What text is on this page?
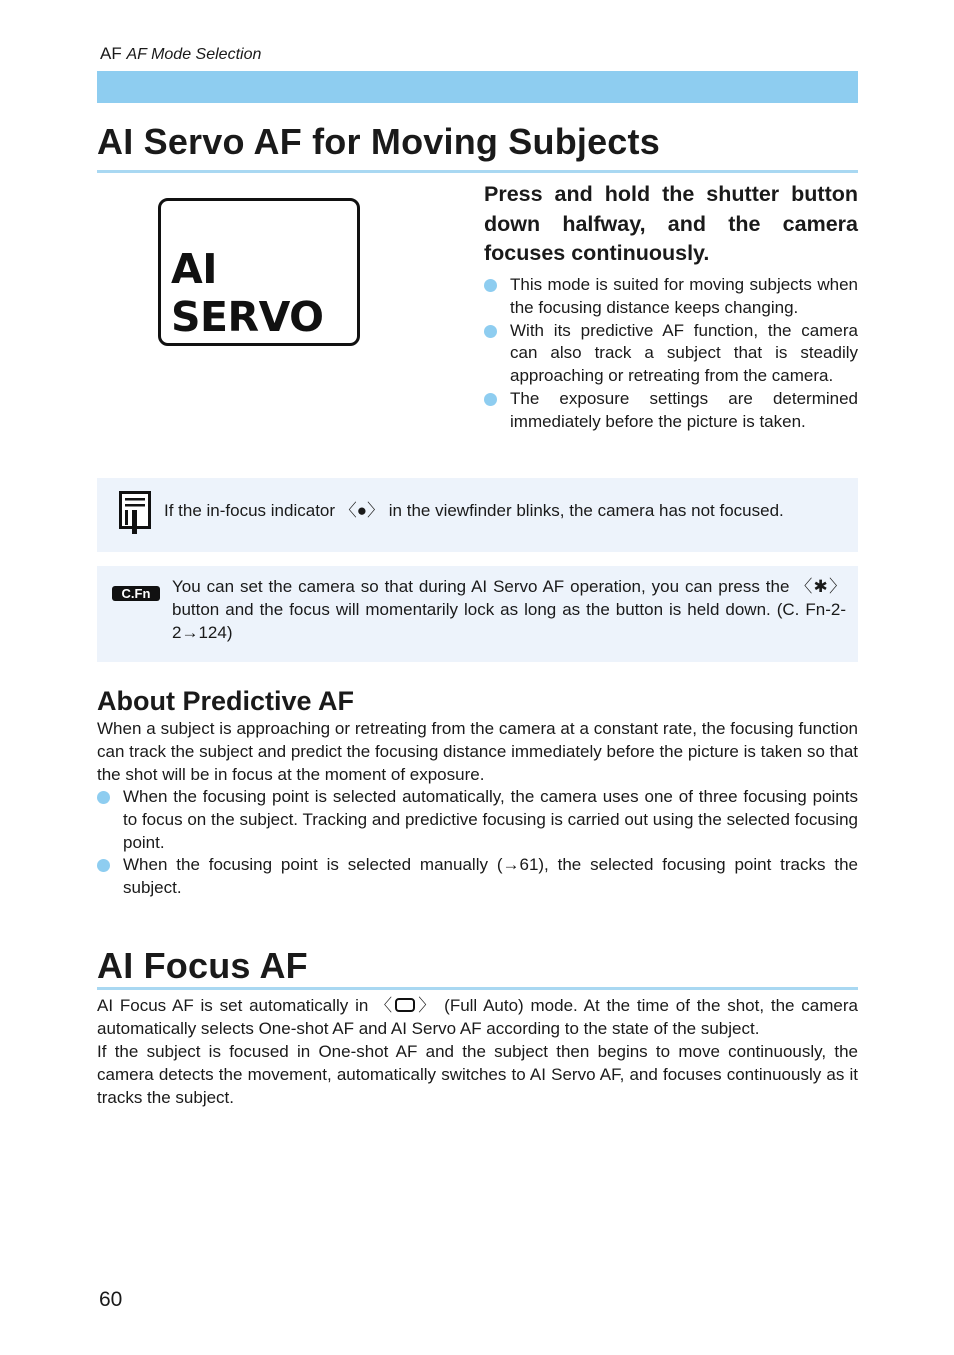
AF AF Mode Selection
AI Servo AF for Moving Subjects
AI SERVO
Press and hold the shutter button down halfway, and the camera focuses continuously.
This mode is suited for moving subjects when the focusing distance keeps changing.
With its predictive AF function, the camera can also track a subject that is steadily approaching or retreating from the camera.
The exposure settings are determined immediately before the picture is taken.
If the in-focus indicator 〈●〉 in the viewfinder blinks, the camera has not focused.
C.Fn	You can set the camera so that during AI Servo AF operation, you can press the 〈✱〉 button and the focus will momentarily lock as long as the button is held down. (C. Fn-2-2→124)
About Predictive AF
When a subject is approaching or retreating from the camera at a constant rate, the focusing function can track the subject and predict the focusing distance immediately before the picture is taken so that the shot will be in focus at the moment of exposure.
When the focusing point is selected automatically, the camera uses one of three focusing points to focus on the subject. Tracking and predictive focusing is carried out using the selected focusing point.
When the focusing point is selected manually (→61), the selected focusing point tracks the subject.
AI Focus AF
AI Focus AF is set automatically in 〈 〉 (Full Auto) mode. At the time of the shot, the camera automatically selects One-shot AF and AI Servo AF according to the state of the subject.
If the subject is focused in One-shot AF and the subject then begins to move continuously, the camera detects the movement, automatically switches to AI Servo AF, and focuses continuously as it tracks the subject.
60
